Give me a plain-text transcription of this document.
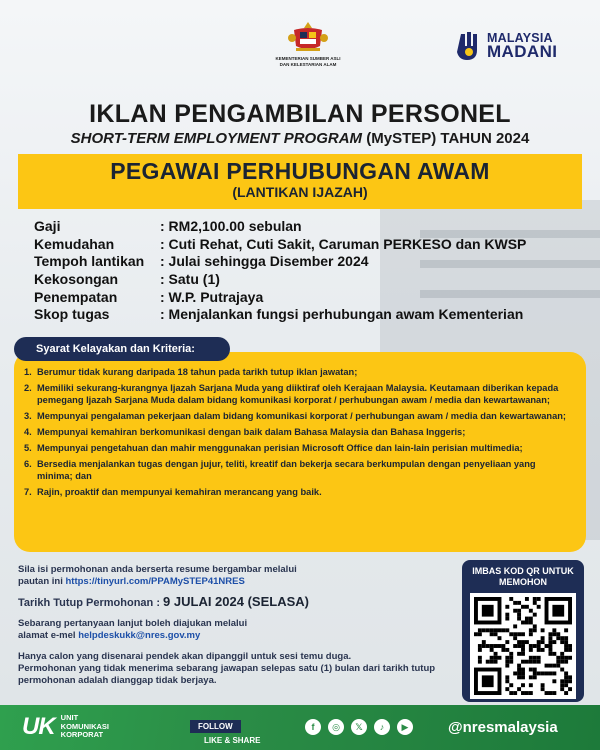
KEMENTERIAN SUMBER ASLI
DAN KELESTARIAN ALAM
MALAYSIA
MADANI
IKLAN PENGAMBILAN PERSONEL
SHORT-TERM EMPLOYMENT PROGRAM (MySTEP) TAHUN 2024
PEGAWAI PERHUBUNGAN AWAM
(LANTIKAN IJAZAH)
Gaji	: RM2,100.00 sebulan
Kemudahan	: Cuti Rehat, Cuti Sakit, Caruman PERKESO dan KWSP
Tempoh lantikan	: Julai sehingga Disember 2024
Kekosongan	: Satu (1)
Penempatan	: W.P. Putrajaya
Skop tugas	: Menjalankan fungsi perhubungan awam Kementerian
Syarat Kelayakan dan Kriteria:
1. Berumur tidak kurang daripada 18 tahun pada tarikh tutup iklan jawatan;
2. Memiliki sekurang-kurangnya Ijazah Sarjana Muda yang diiktiraf oleh Kerajaan Malaysia. Keutamaan diberikan kepada pemegang Ijazah Sarjana Muda dalam bidang komunikasi korporat / perhubungan awam / media dan kewartawanan;
3. Mempunyai pengalaman pekerjaan dalam bidang komunikasi korporat / perhubungan awam / media dan kewartawanan;
4. Mempunyai kemahiran berkomunikasi dengan baik dalam Bahasa Malaysia dan Bahasa Inggeris;
5. Mempunyai pengetahuan dan mahir menggunakan perisian Microsoft Office dan lain-lain perisian multimedia;
6. Bersedia menjalankan tugas dengan jujur, teliti, kreatif dan bekerja secara berkumpulan dengan penyeliaan yang minima; dan
7. Rajin, proaktif dan mempunyai kemahiran merancang yang baik.

Sila isi permohonan anda berserta resume bergambar melalui

pautan ini https://tinyurl.com/PPAMySTEP41NRES

Tarikh Tutup Permohonan : 9 JULAI 2024 (SELASA)

Sebarang pertanyaan lanjut boleh diajukan melalui

alamat e-mel helpdeskukk@nres.gov.my

Hanya calon yang disenarai pendek akan dipanggil untuk sesi temu duga.

Permohonan yang tidak menerima sebarang jawapan selepas satu (1) bulan dari tarikh tutup permohonan adalah dianggap tidak berjaya.

IMBAS KOD QR UNTUK MEMOHON
UK UNIT
KOMUNIKASI
KORPORAT
FOLLOW
LIKE & SHARE
f	◎	𝕏	♪	▶	@nresmalaysia
